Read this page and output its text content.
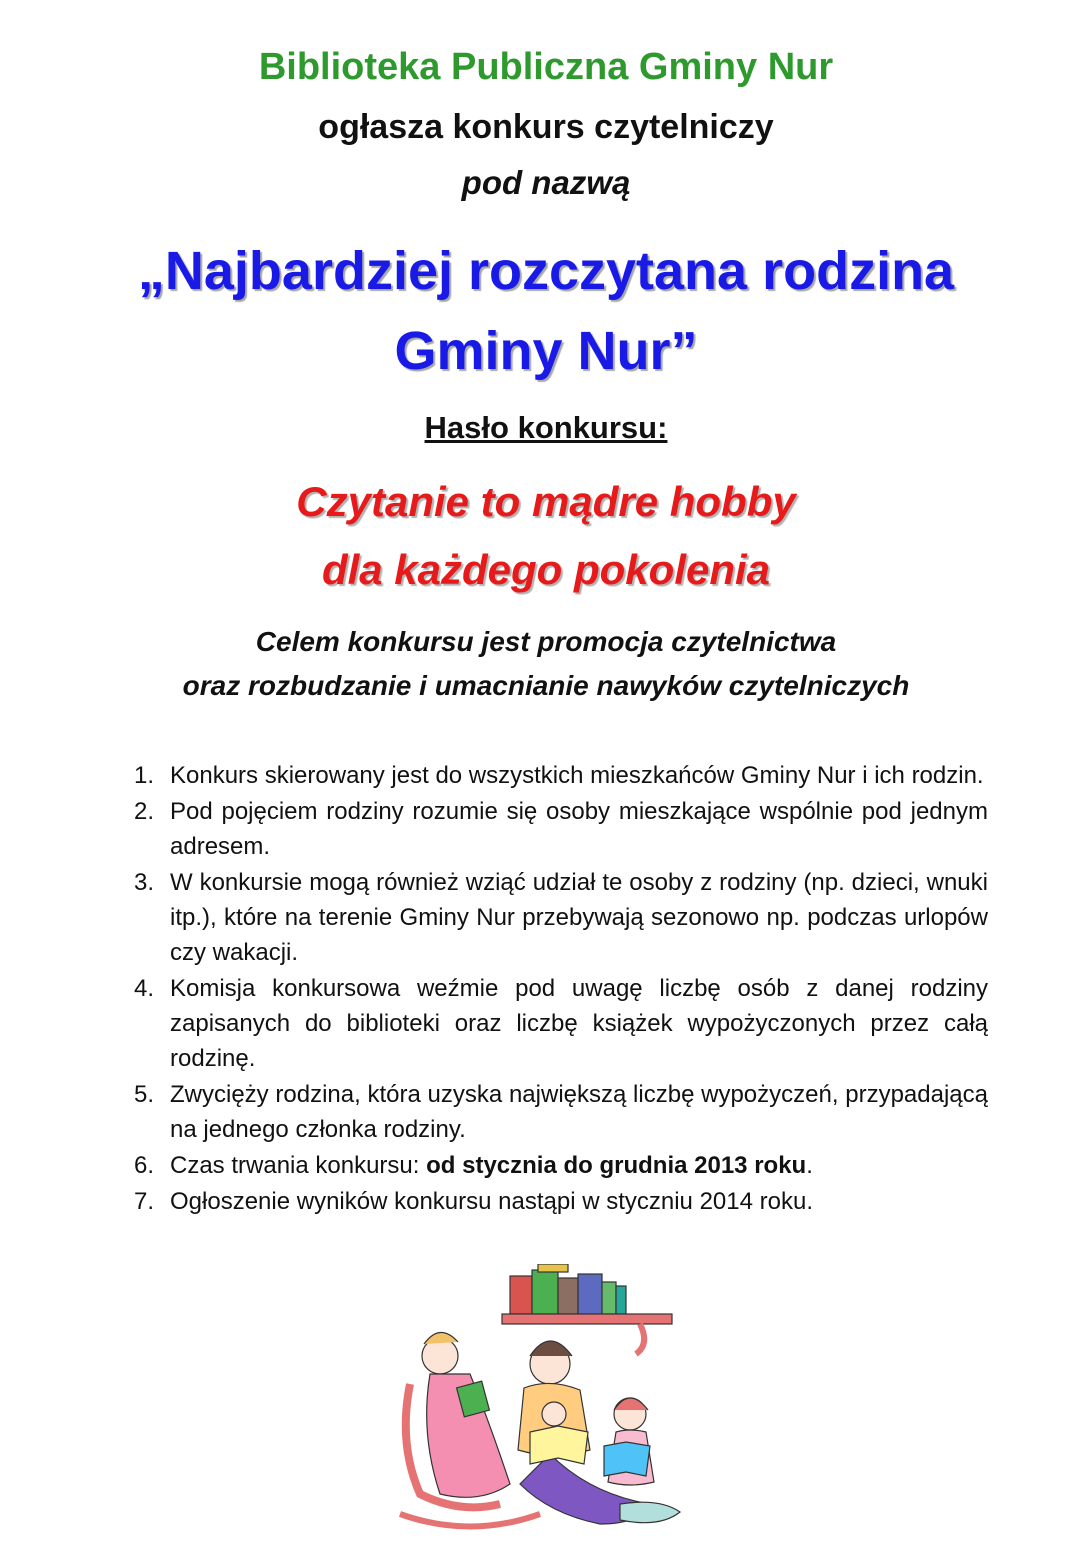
Biblioteka Publiczna Gminy Nur
ogłasza konkurs czytelniczy
pod nazwą
„Najbardziej rozczytana rodzina
Gminy Nur”
Hasło konkursu:
Czytanie to mądre hobby
dla każdego pokolenia
Celem konkursu jest promocja czytelnictwa
oraz rozbudzanie i umacnianie nawyków czytelniczych
1. Konkurs skierowany jest do wszystkich mieszkańców Gminy Nur i ich rodzin.
2. Pod pojęciem rodziny rozumie się osoby mieszkające wspólnie pod jednym adresem.
3. W konkursie mogą również wziąć udział te osoby z rodziny (np. dzieci, wnuki itp.), które na terenie Gminy Nur przebywają sezonowo np. podczas urlopów czy wakacji.
4. Komisja konkursowa weźmie pod uwagę liczbę osób z danej rodziny zapisanych do biblioteki oraz liczbę książek wypożyczonych przez całą rodzinę.
5. Zwycięży rodzina, która uzyska największą liczbę wypożyczeń, przypadającą na jednego członka rodziny.
6. Czas trwania konkursu: od stycznia do grudnia 2013 roku.
7. Ogłoszenie wyników konkursu nastąpi w styczniu 2014 roku.
